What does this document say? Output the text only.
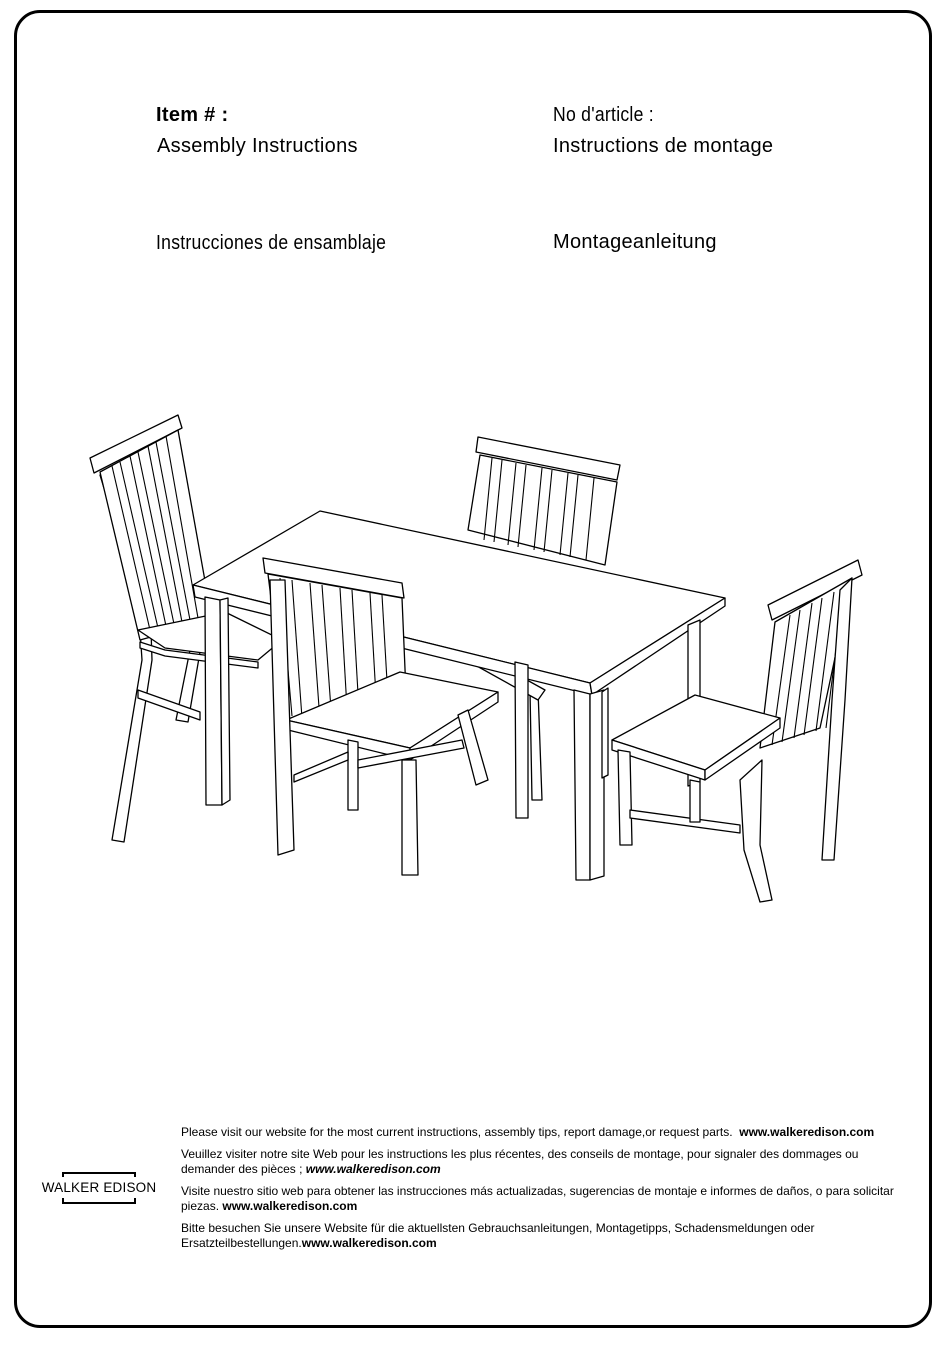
Item # :
Assembly Instructions
No d'article :
Instructions de montage
Instrucciones de ensamblaje	Montageanleitung
WALKER EDISON

Please visit our website for the most current instructions, assembly tips, report damage,or request parts. www.walkeredison.com

Veuillez visiter notre site Web pour les instructions les plus récentes, des conseils de montage, pour signaler des dommages ou demander des pièces ; www.walkeredison.com

Visite nuestro sitio web para obtener las instrucciones más actualizadas, sugerencias de montaje e informes de daños, o para solicitar piezas. www.walkeredison.com

Bitte besuchen Sie unsere Website für die aktuellsten Gebrauchsanleitungen, Montagetipps, Schadensmeldungen oder Ersatzteilbestellungen.www.walkeredison.com
